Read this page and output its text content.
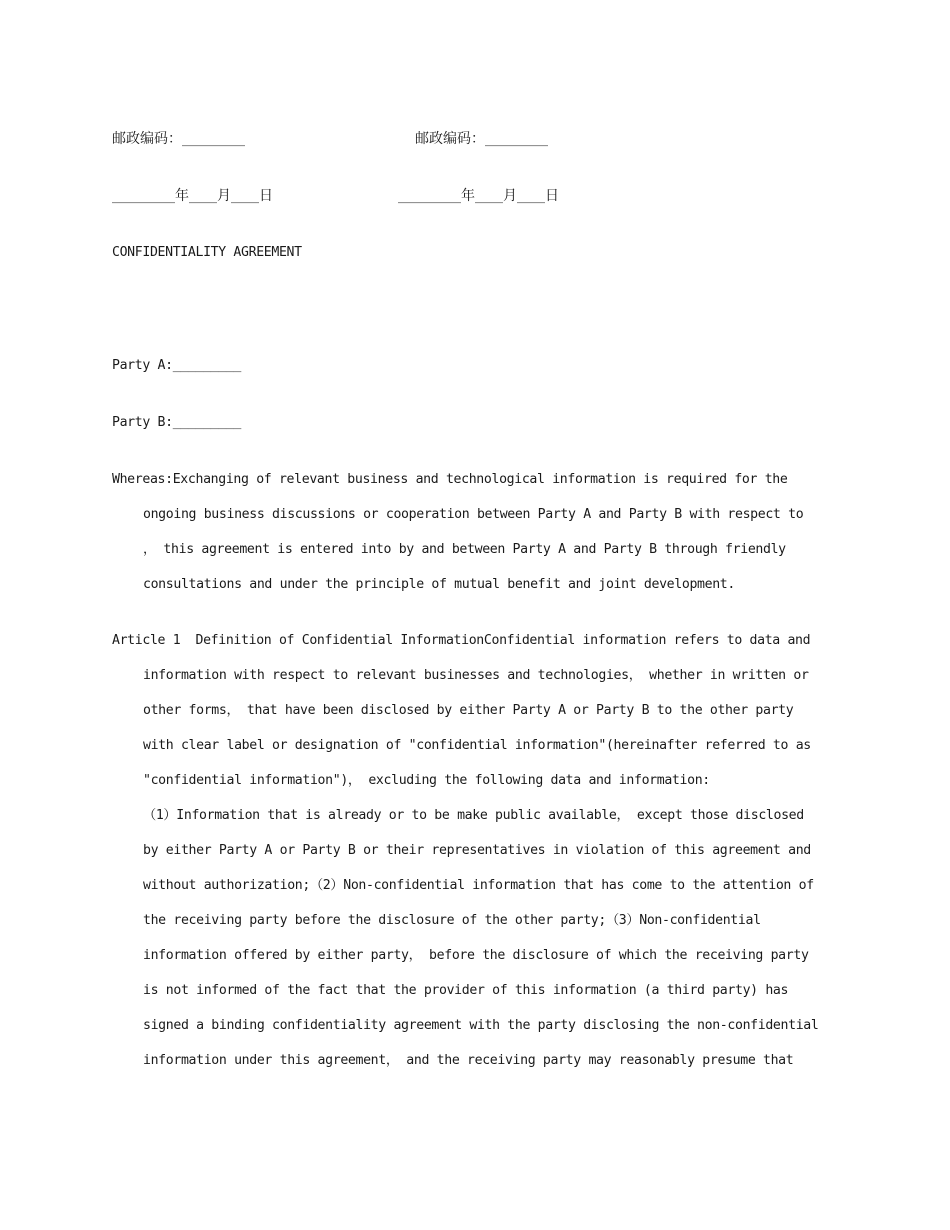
邮政编码：_________	邮政编码：_________
_________年____月____日	_________年____月____日
CONFIDENTIALITY AGREEMENT
Party A:_________
Party B:_________
Whereas:Exchanging of relevant business and technological information is required for the
ongoing business discussions or cooperation between Party A and Party B with respect to
， this agreement is entered into by and between Party A and Party B through friendly
consultations and under the principle of mutual benefit and joint development.
Article 1  Definition of Confidential InformationConfidential information refers to data and
information with respect to relevant businesses and technologies， whether in written or
other forms， that have been disclosed by either Party A or Party B to the other party
with clear label or designation of "confidential information"(hereinafter referred to as
"confidential information")， excluding the following data and information:
（1）Information that is already or to be make public available， except those disclosed
by either Party A or Party B or their representatives in violation of this agreement and
without authorization;（2）Non-confidential information that has come to the attention of
the receiving party before the disclosure of the other party;（3）Non-confidential
information offered by either party， before the disclosure of which the receiving party
is not informed of the fact that the provider of this information (a third party) has
signed a binding confidentiality agreement with the party disclosing the non-confidential
information under this agreement， and the receiving party may reasonably presume that
